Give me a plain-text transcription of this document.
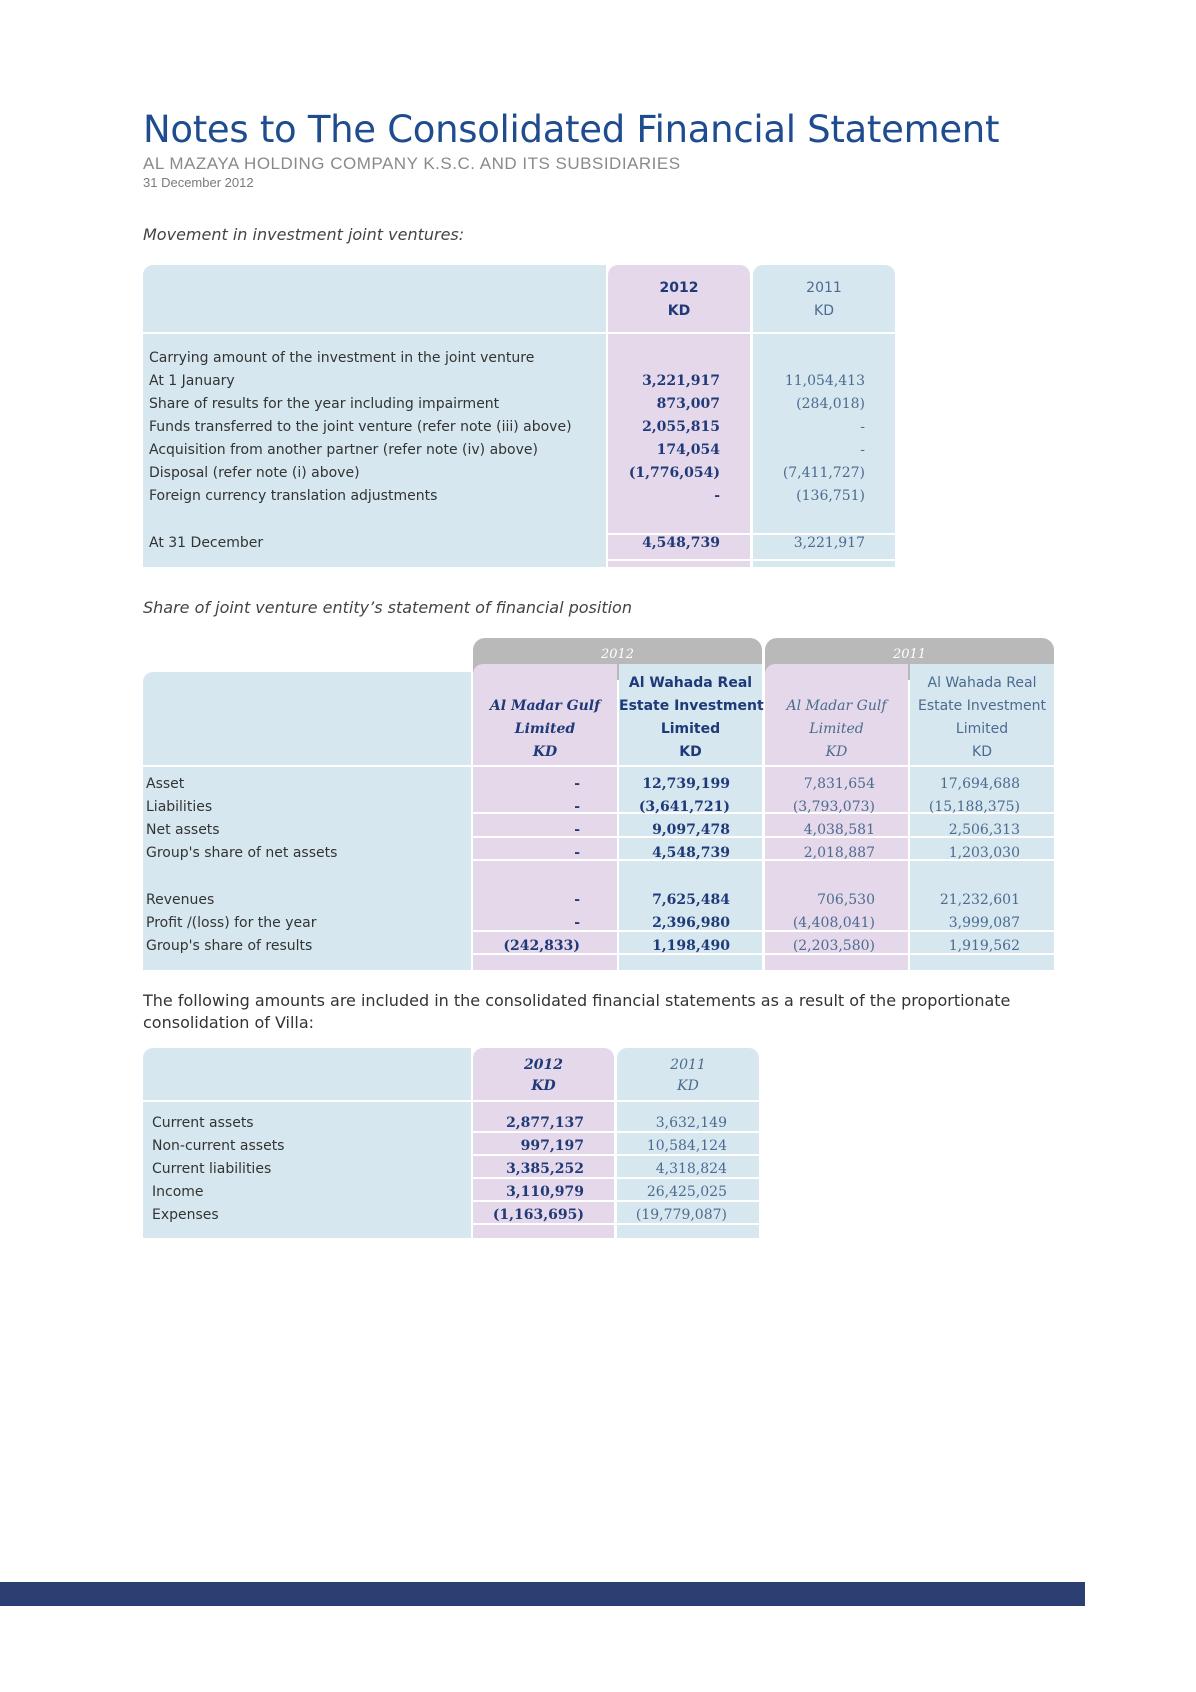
Notes to The Consolidated Financial Statement
AL MAZAYA HOLDING COMPANY K.S.C. AND ITS SUBSIDIARIES
31 December 2012
Movement in investment joint ventures:
2012
KD
2011
KD
Carrying amount of the investment in the joint venture
At 1 January	3,221,917	11,054,413
Share of results for the year including impairment	873,007	(284,018)
Funds transferred to the joint venture (refer note (iii) above)	2,055,815	-
Acquisition from another partner (refer note (iv) above)	174,054	-
Disposal (refer note (i) above)	(1,776,054)	(7,411,727)
Foreign currency translation adjustments	-	(136,751)
At 31 December	4,548,739	3,221,917
Share of joint venture entity’s statement of financial position
2012	2011
Al Madar Gulf
Limited
KD
Al Wahada Real
Estate Investment
Limited
KD
Al Madar Gulf
Limited
KD
Al Wahada Real
Estate Investment
Limited
KD
Asset	-	12,739,199	7,831,654	17,694,688
Liabilities	-	(3,641,721)	(3,793,073)	(15,188,375)
Net assets	-	9,097,478	4,038,581	2,506,313
Group's share of net assets	-	4,548,739	2,018,887	1,203,030
Revenues	-	7,625,484	706,530	21,232,601
Profit /(loss) for the year	-	2,396,980	(4,408,041)	3,999,087
Group's share of results	(242,833)	1,198,490	(2,203,580)	1,919,562
The following amounts are included in the consolidated financial statements as a result of the proportionate consolidation of Villa:
2012
KD
2011
KD
Current assets	2,877,137	3,632,149
Non-current assets	997,197	10,584,124
Current liabilities	3,385,252	4,318,824
Income	3,110,979	26,425,025
Expenses	(1,163,695)	(19,779,087)
